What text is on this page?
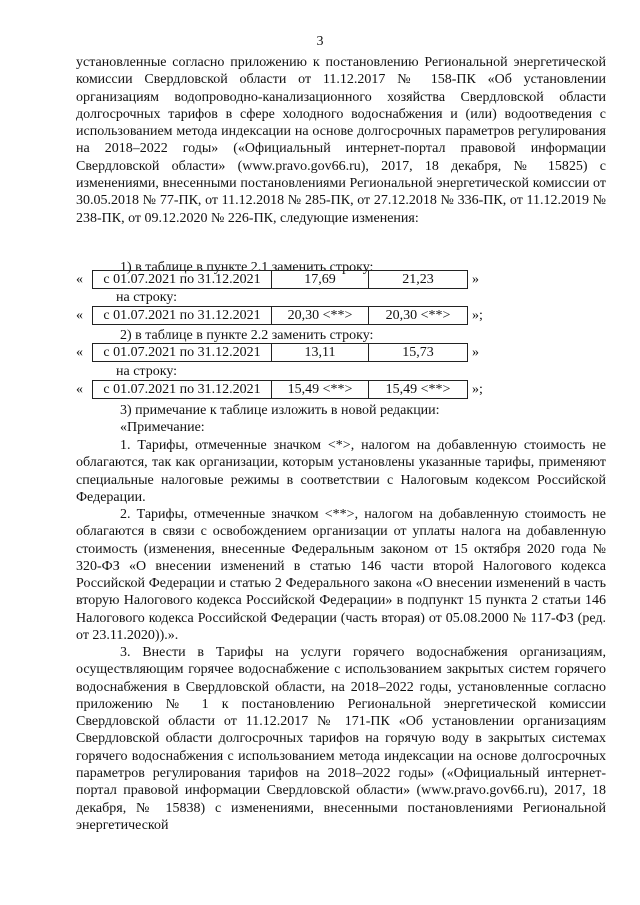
3
установленные согласно приложению к постановлению Региональной энергетической комиссии Свердловской области от 11.12.2017 № 158-ПК «Об установлении организациям водопроводно-канализационного хозяйства Свердловской области долгосрочных тарифов в сфере холодного водоснабжения и (или) водоотведения с использованием метода индексации на основе долгосрочных параметров регулирования на 2018–2022 годы» («Официальный интернет-портал правовой информации Свердловской области» (www.pravo.gov66.ru), 2017, 18 декабря, № 15825) с изменениями, внесенными постановлениями Региональной энергетической комиссии от 30.05.2018 № 77-ПК, от 11.12.2018 № 285-ПК, от 27.12.2018 № 336-ПК, от 11.12.2019 № 238-ПК, от 09.12.2020 № 226-ПК, следующие изменения:
1) в таблице в пункте 2.1 заменить строку:
«	с 01.07.2021 по 31.12.2021	17,69	21,23	»
на строку:
«	с 01.07.2021 по 31.12.2021	20,30 <**>	20,30 <**>	»;
2) в таблице в пункте 2.2 заменить строку:
«	с 01.07.2021 по 31.12.2021	13,11	15,73	»
на строку:
«	с 01.07.2021 по 31.12.2021	15,49 <**>	15,49 <**>	»;
3) примечание к таблице изложить в новой редакции:
«Примечание:
1. Тарифы, отмеченные значком <*>, налогом на добавленную стоимость не облагаются, так как организации, которым установлены указанные тарифы, применяют специальные налоговые режимы в соответствии с Налоговым кодексом Российской Федерации.
2. Тарифы, отмеченные значком <**>, налогом на добавленную стоимость не облагаются в связи с освобождением организации от уплаты налога на добавленную стоимость (изменения, внесенные Федеральным законом от 15 октября 2020 года № 320-ФЗ «О внесении изменений в статью 146 части второй Налогового кодекса Российской Федерации и статью 2 Федерального закона «О внесении изменений в часть вторую Налогового кодекса Российской Федерации» в подпункт 15 пункта 2 статьи 146 Налогового кодекса Российской Федерации (часть вторая) от 05.08.2000 № 117-ФЗ (ред. от 23.11.2020)).».
3. Внести в Тарифы на услуги горячего водоснабжения организациям, осуществляющим горячее водоснабжение с использованием закрытых систем горячего водоснабжения в Свердловской области, на 2018–2022 годы, установленные согласно приложению № 1 к постановлению Региональной энергетической комиссии Свердловской области от 11.12.2017 № 171-ПК «Об установлении организациям Свердловской области долгосрочных тарифов на горячую воду в закрытых системах горячего водоснабжения с использованием метода индексации на основе долгосрочных параметров регулирования тарифов на 2018–2022 годы» («Официальный интернет-портал правовой информации Свердловской области» (www.pravo.gov66.ru), 2017, 18 декабря, № 15838) с изменениями, внесенными постановлениями Региональной энергетической
